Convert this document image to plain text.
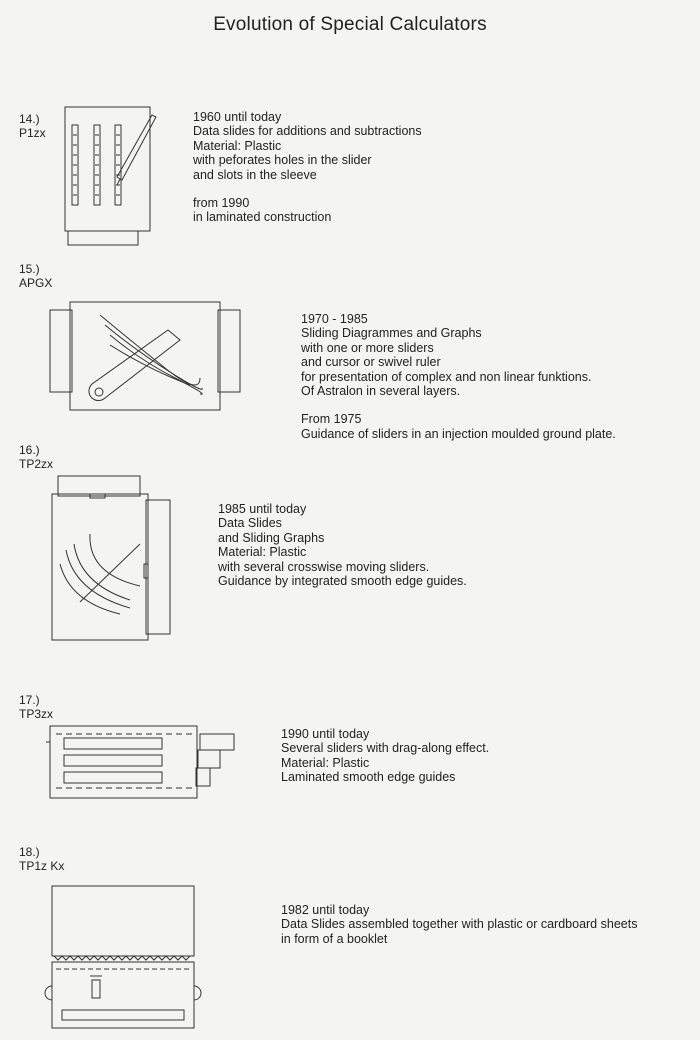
Evolution of Special Calculators
14.)
P1zx
1960 until today
Data slides for additions and subtractions
Material: Plastic
with peforates holes in the slider
and slots in the sleeve
from 1990
in laminated construction
15.)
APGX
1970 - 1985
Sliding Diagrammes and Graphs
with one or more sliders
and cursor or swivel ruler
for presentation of complex and non linear funktions.
Of Astralon in several layers.
From 1975
Guidance of sliders in an injection moulded ground plate.
16.)
TP2zx
1985 until today
Data Slides
and Sliding Graphs
Material: Plastic
with several crosswise moving sliders.
Guidance by integrated smooth edge guides.
17.)
TP3zx
1990 until today
Several sliders with drag-along effect.
Material: Plastic
Laminated smooth edge guides
18.)
TP1z Kx
1982 until today
Data Slides assembled together with plastic or cardboard sheets
in form of a booklet
